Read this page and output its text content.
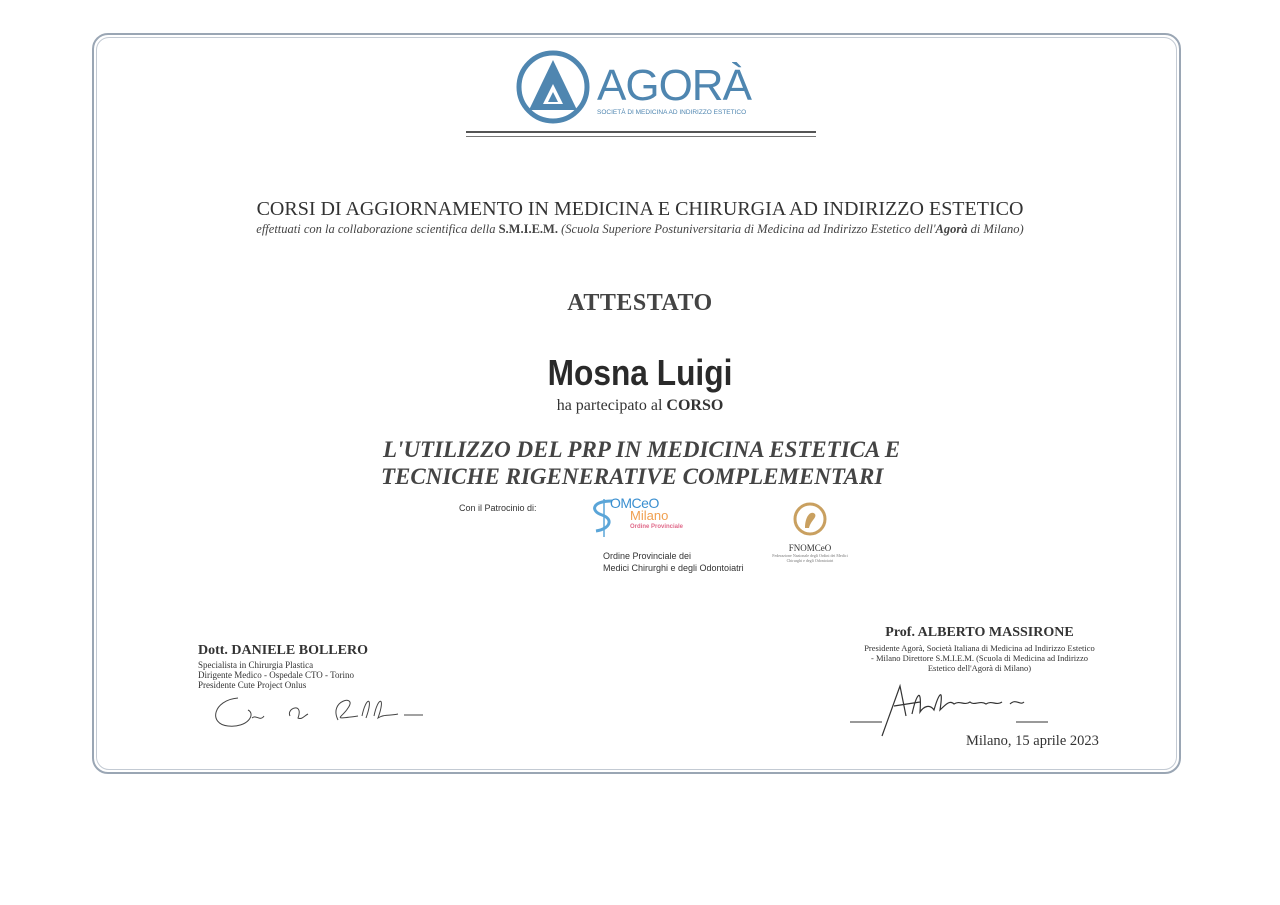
AGORÀ
SOCIETÀ DI MEDICINA AD INDIRIZZO ESTETICO
CORSI DI AGGIORNAMENTO IN MEDICINA E CHIRURGIA AD INDIRIZZO ESTETICO
effettuati con la collaborazione scientifica della S.M.I.E.M. (Scuola Superiore Postuniversitaria di Medicina ad Indirizzo Estetico dell'Agorà di Milano)
ATTESTATO
Mosna Luigi
ha partecipato al CORSO
L'UTILIZZO DEL PRP IN MEDICINA ESTETICA E
TECNICHE RIGENERATIVE COMPLEMENTARI
Con il Patrocinio di:	OMCeO
Milano
Ordine Provinciale
Ordine Provinciale dei
Medici Chirurghi e degli Odontoiatri
FNOMCeO
Federazione Nazionale degli Ordini dei Medici Chirurghi e degli Odontoiatri
Dott. DANIELE BOLLERO
Specialista in Chirurgia Plastica
Dirigente Medico - Ospedale CTO - Torino
Presidente Cute Project Onlus
Prof. ALBERTO MASSIRONE
Presidente Agorà, Società Italiana di Medicina ad Indirizzo Estetico - Milano Direttore S.M.I.E.M. (Scuola di Medicina ad Indirizzo Estetico dell'Agorà di Milano)
Milano, 15 aprile 2023
